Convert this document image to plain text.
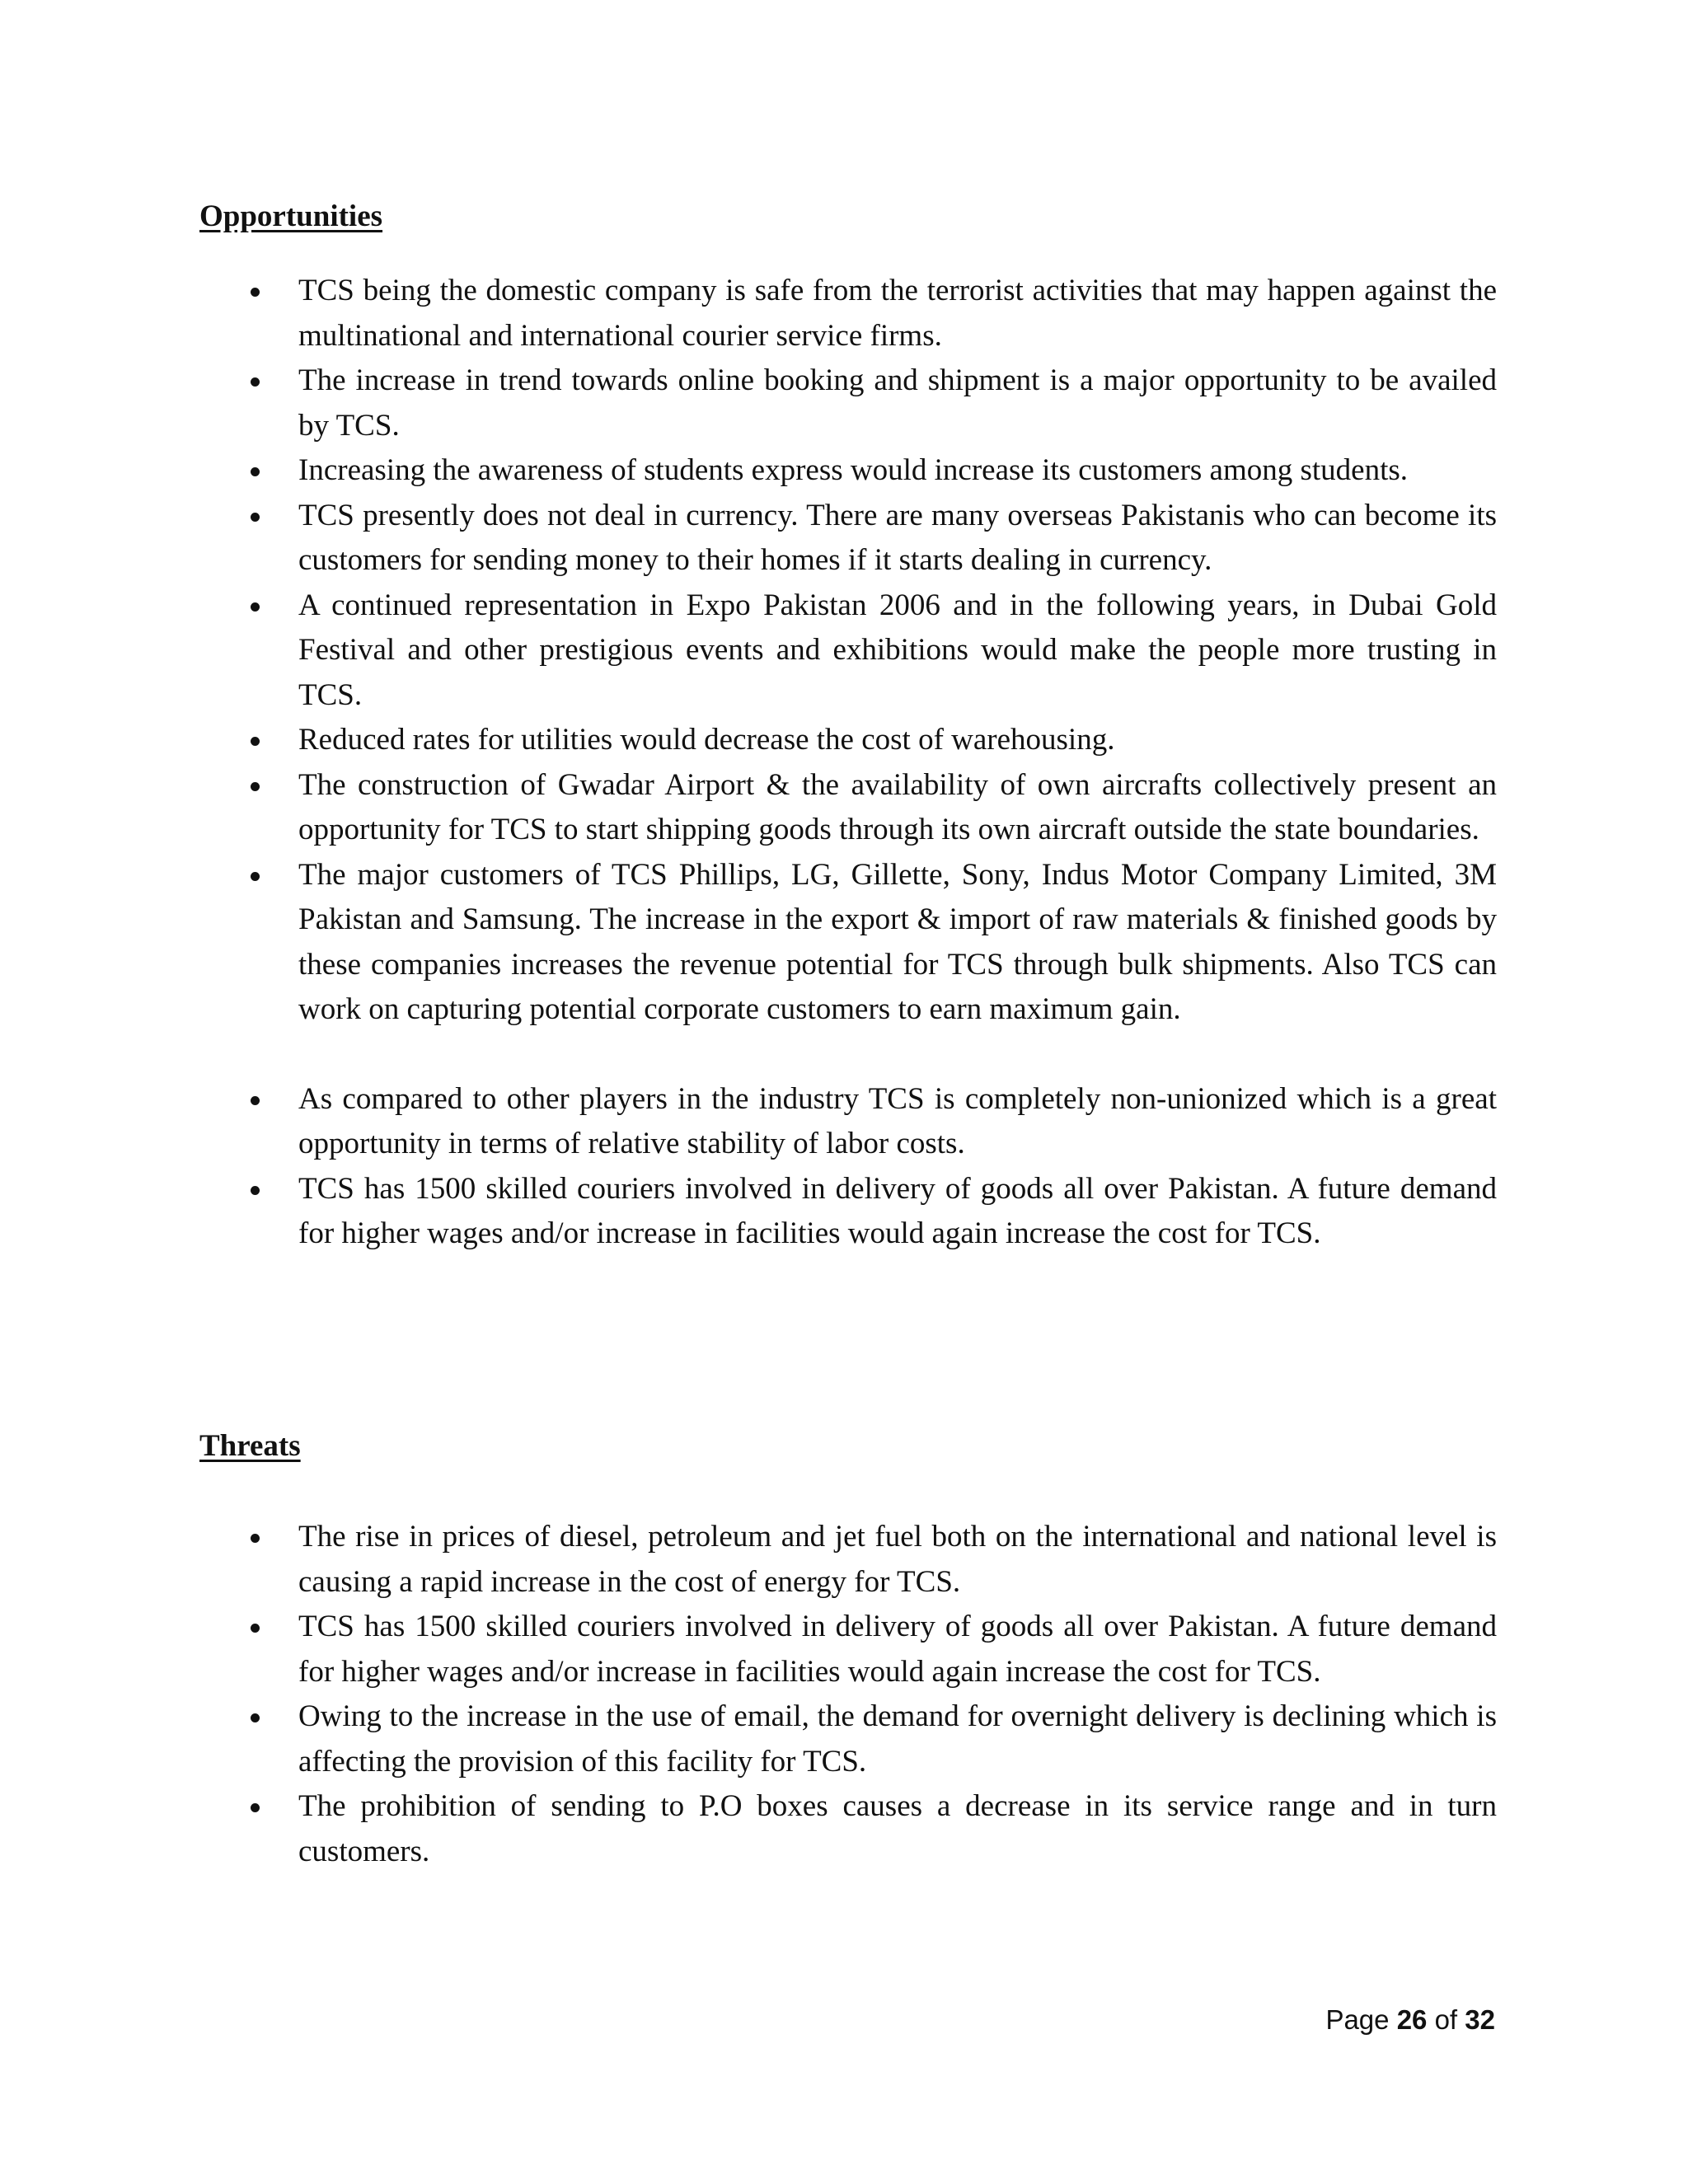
Opportunities
TCS being the domestic company is safe from the terrorist activities that may happen against the multinational and international courier service firms.
The increase in trend towards online booking and shipment is a major opportunity to be availed by TCS.
Increasing the awareness of students express would increase its customers among students.
TCS presently does not deal in currency. There are many overseas Pakistanis who can become its customers for sending money to their homes if it starts dealing in currency.
A continued representation in Expo Pakistan 2006 and in the following years, in Dubai Gold Festival and other prestigious events and exhibitions would make the people more trusting in TCS.
Reduced rates for utilities would decrease the cost of warehousing.
The construction of Gwadar Airport & the availability of own aircrafts collectively present an opportunity for TCS to start shipping goods through its own aircraft outside the state boundaries.
The major customers of TCS Phillips, LG, Gillette, Sony, Indus Motor Company Limited, 3M Pakistan and Samsung. The increase in the export & import of raw materials & finished goods by these companies increases the revenue potential for TCS through bulk shipments. Also TCS can work on capturing potential corporate customers to earn maximum gain.
As compared to other players in the industry TCS is completely non-unionized which is a great opportunity in terms of relative stability of labor costs.
TCS has 1500 skilled couriers involved in delivery of goods all over Pakistan. A future demand for higher wages and/or increase in facilities would again increase the cost for TCS.
Threats
The rise in prices of diesel, petroleum and jet fuel both on the international and national level is causing a rapid increase in the cost of energy for TCS.
TCS has 1500 skilled couriers involved in delivery of goods all over Pakistan. A future demand for higher wages and/or increase in facilities would again increase the cost for TCS.
Owing to the increase in the use of email, the demand for overnight delivery is declining which is affecting the provision of this facility for TCS.
The prohibition of sending to P.O boxes causes a decrease in its service range and in turn customers.
Page 26 of 32
